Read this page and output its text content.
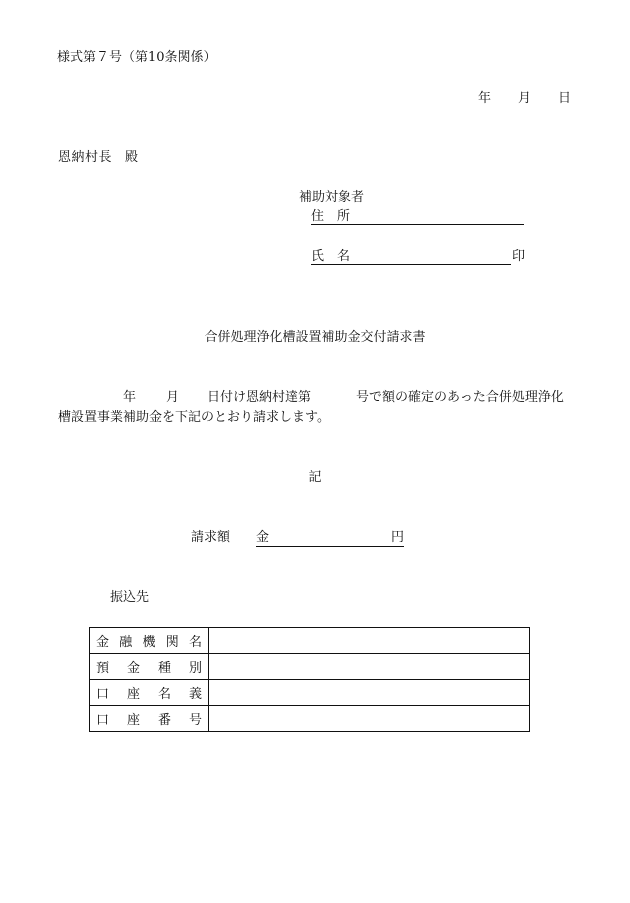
様式第７号（第10条関係）
年 月 日
恩納村長 殿
補助対象者
住 所
氏 名	印
合併処理浄化槽設置補助金交付請求書
年 月 日付け恩納村達第	号で額の確定のあった合併処理浄化
槽設置事業補助金を下記のとおり請求します。
記
請求額 金	円
振込先
金融機関名	
預金種別	
口座名義	
口座番号	
